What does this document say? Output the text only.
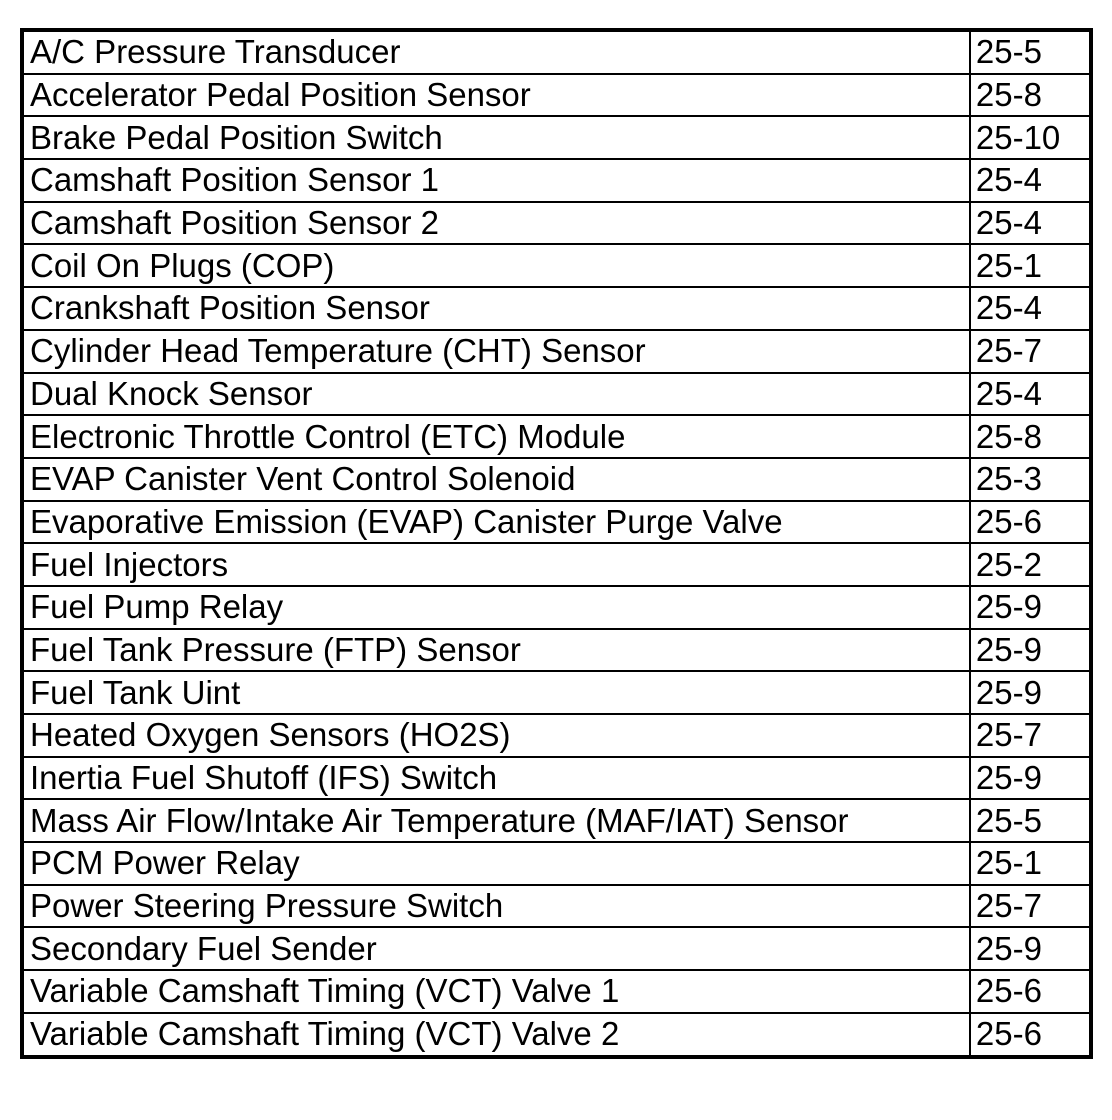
A/C Pressure Transducer	25-5
Accelerator Pedal Position Sensor	25-8
Brake Pedal Position Switch	25-10
Camshaft Position Sensor 1	25-4
Camshaft Position Sensor 2	25-4
Coil On Plugs (COP)	25-1
Crankshaft Position Sensor	25-4
Cylinder Head Temperature (CHT) Sensor	25-7
Dual Knock Sensor	25-4
Electronic Throttle Control (ETC) Module	25-8
EVAP Canister Vent Control Solenoid	25-3
Evaporative Emission (EVAP) Canister Purge Valve	25-6
Fuel Injectors	25-2
Fuel Pump Relay	25-9
Fuel Tank Pressure (FTP) Sensor	25-9
Fuel Tank Uint	25-9
Heated Oxygen Sensors (HO2S)	25-7
Inertia Fuel Shutoff (IFS) Switch	25-9
Mass Air Flow/Intake Air Temperature (MAF/IAT) Sensor	25-5
PCM Power Relay	25-1
Power Steering Pressure Switch	25-7
Secondary Fuel Sender	25-9
Variable Camshaft Timing (VCT) Valve 1	25-6
Variable Camshaft Timing (VCT) Valve 2	25-6
